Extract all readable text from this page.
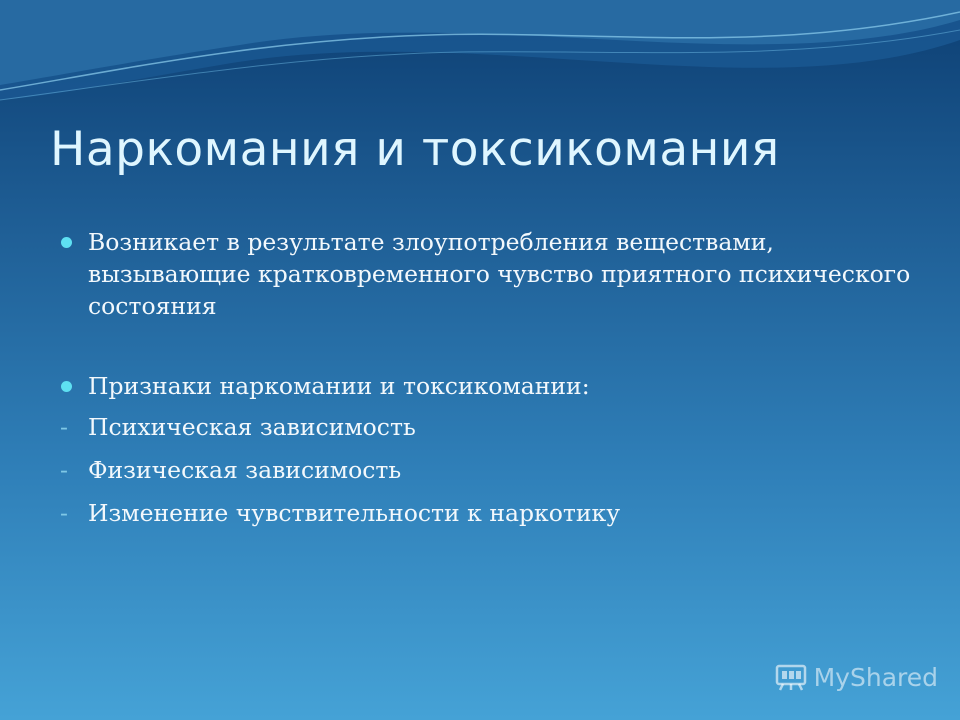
Наркомания и токсикомания
Возникает в результате злоупотребления веществами, вызывающие кратковременного чувство приятного психического состояния
Признаки наркомании и токсикомании:
- Психическая зависимость
- Физическая зависимость
- Изменение чувствительности к наркотику
MyShared
